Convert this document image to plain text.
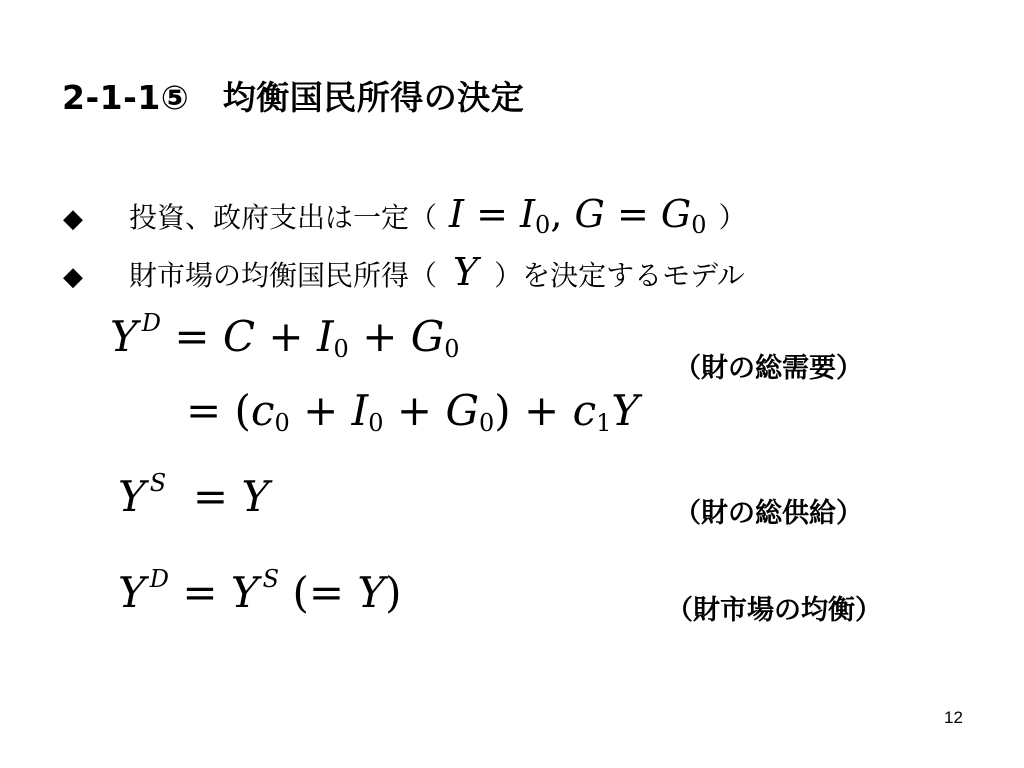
2-1-1⑤　均衡国民所得の決定
◆	投資、政府支出は一定（ $I = I_0$, $G = G_0$ ）
◆	財市場の均衡国民所得（ Y ）を決定するモデル
Y $^D = C + I_0 + G_0$
= $(c_0 + I_0 + G_0) + c_1Y$
Y $^S$  = Y
Y $^D$ = Y $^S$ (= Y)
（財の総需要）
（財の総供給）
（財市場の均衡）
12
